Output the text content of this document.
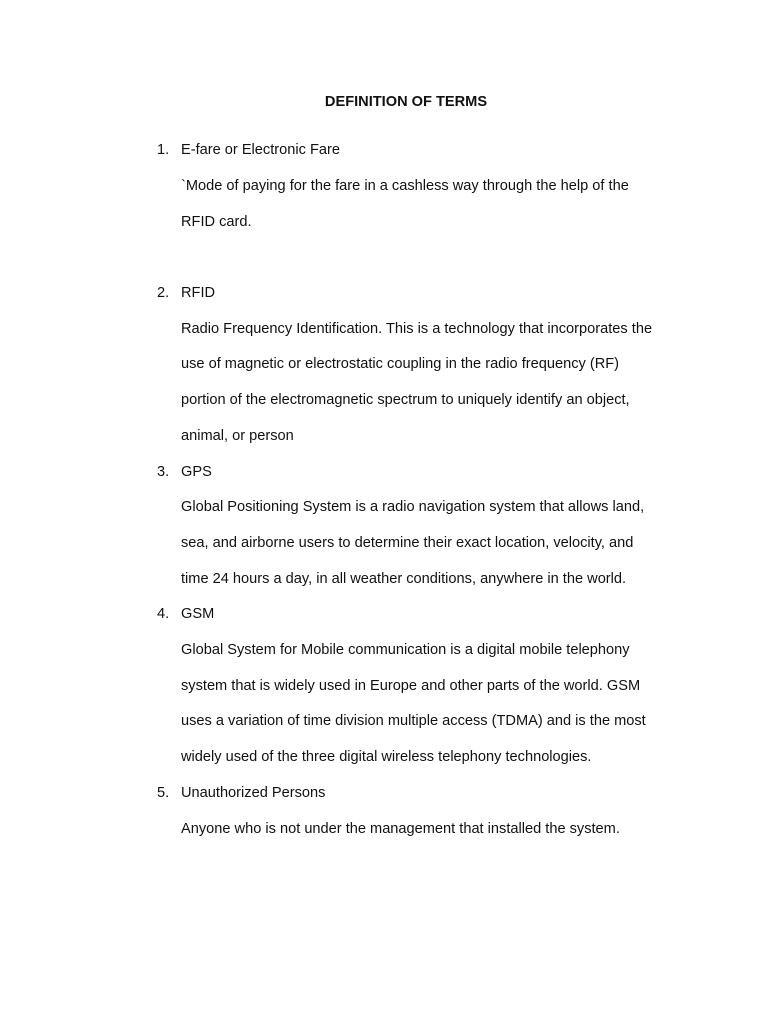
DEFINITION OF TERMS
1. E-fare or Electronic Fare
`Mode of paying for the fare in a cashless way through the help of the
RFID card.
2. RFID
Radio Frequency Identification. This is a technology that incorporates the
use of magnetic or electrostatic coupling in the radio frequency (RF)
portion of the electromagnetic spectrum to uniquely identify an object,
animal, or person
3. GPS
Global Positioning System is a radio navigation system that allows land,
sea, and airborne users to determine their exact location, velocity, and
time 24 hours a day, in all weather conditions, anywhere in the world.
4. GSM
Global System for Mobile communication is a digital mobile telephony
system that is widely used in Europe and other parts of the world. GSM
uses a variation of time division multiple access (TDMA) and is the most
widely used of the three digital wireless telephony technologies.
5. Unauthorized Persons
Anyone who is not under the management that installed the system.
